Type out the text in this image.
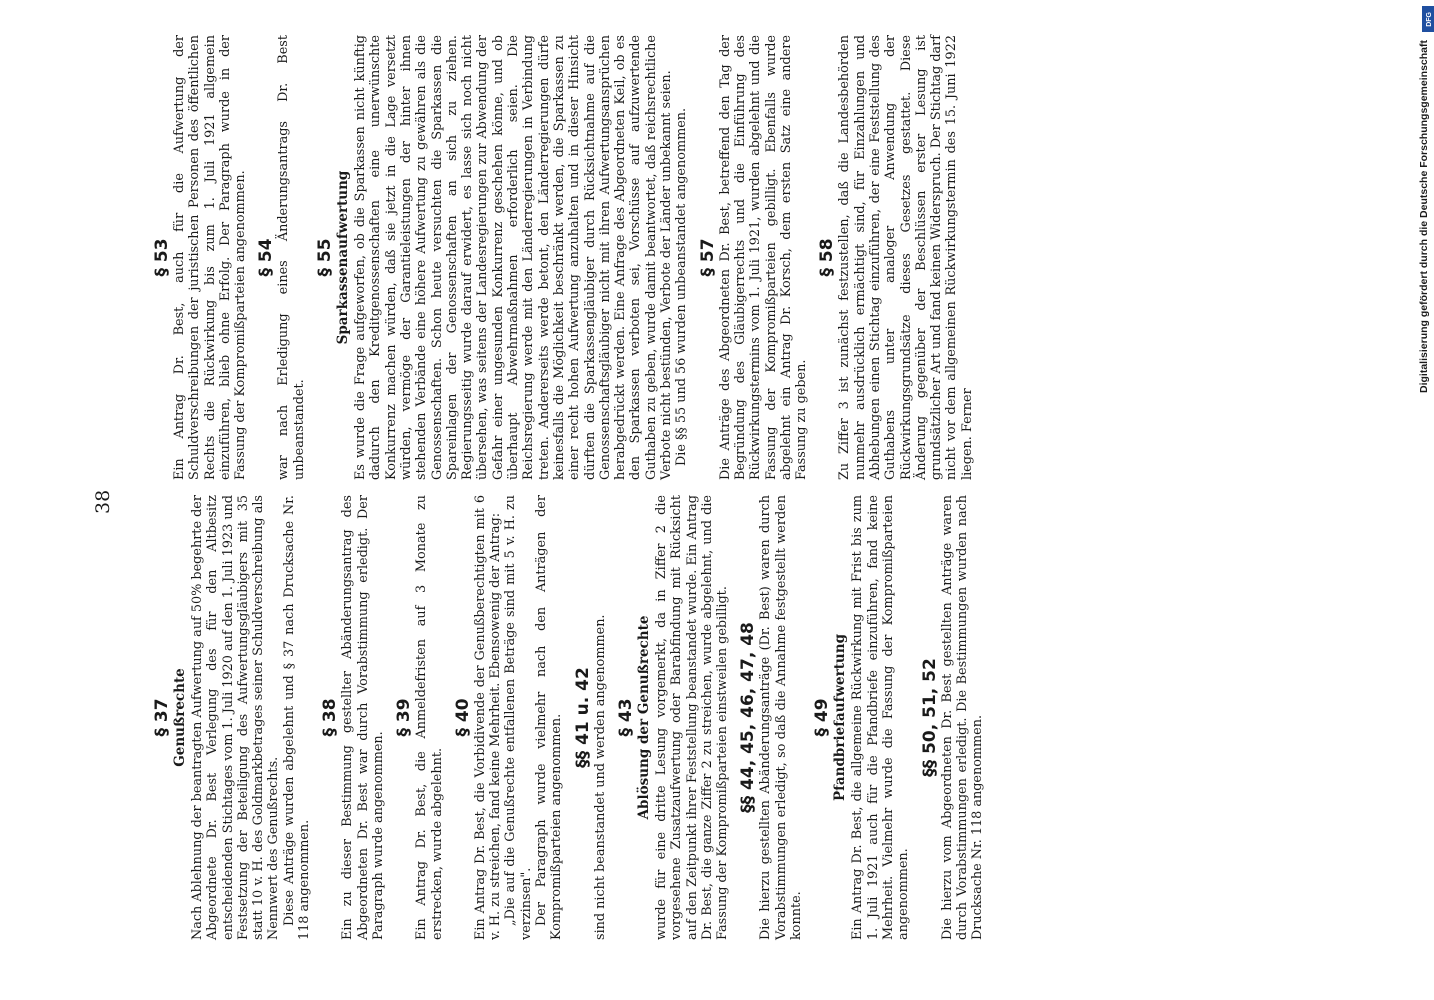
38
§ 37 Genußrechte Nach Ablehnung der beantragten Aufwertung auf 50% begehrte der Abgeordnete Dr. Best Verlegung des für den Altbesitz entscheidenden Stichtages vom 1. Juli 1920 auf den 1. Juli 1923 und Festsetzung der Beteiligung des Aufwertungsgläubigers mit 35 statt 10 v. H. des Goldmarkbetrages seiner Schuldverschreibung als Nennwert des Genußrechts. Diese Anträge wurden abgelehnt und § 37 nach Drucksache Nr. 118 angenommen.

§ 38 Ein zu dieser Bestimmung gestellter Abänderungsantrag des Abgeordneten Dr. Best war durch Vorabstimmung erledigt. Der Paragraph wurde angenommen.

§ 39 Ein Antrag Dr. Best, die Anmeldefristen auf 3 Monate zu erstrecken, wurde abgelehnt.

§ 40 Ein Antrag Dr. Best, die Vorbidivende der Genußberechtigten mit 6 v. H. zu streichen, fand keine Mehrheit. Ebensowenig der Antrag: „Die auf die Genußrechte entfallenen Beträge sind mit 5 v. H. zu verzinsen". Der Paragraph wurde vielmehr nach den Anträgen der Kompromißparteien angenommen. §§ 41 u. 42 sind nicht beanstandet und werden angenommen. § 43 Ablösung der Genußrechte wurde für eine dritte Lesung vorgemerkt, da in Ziffer 2 die vorgesehene Zusatzaufwertung oder Barabfindung mit Rücksicht auf den Zeitpunkt ihrer Feststellung beanstandet wurde. Ein Antrag Dr. Best, die ganze Ziffer 2 zu streichen, wurde abgelehnt, und die Fassung der Kompromißparteien einstweilen gebilligt. §§ 44, 45, 46, 47, 48 Die hierzu gestellten Abänderungsanträge (Dr. Best) waren durch Vorabstimmungen erledigt, so daß die Annahme festgestellt werden konnte.

§ 49 Pfandbriefaufwertung Ein Antrag Dr. Best, die allgemeine Rückwirkung mit Frist bis zum 1. Juli 1921 auch für die Pfandbriefe einzuführen, fand keine Mehrheit. Vielmehr wurde die Fassung der Kompromißparteien angenommen.

§§ 50, 51, 52 Die hierzu vom Abgeordneten Dr. Best gestellten Anträge waren durch Vorabstimmungen erledigt. Die Bestimmungen wurden nach Drucksache Nr. 118 angenommen.

§ 53 Ein Antrag Dr. Best, auch für die Aufwertung der Schuldverschreibungen der juristischen Personen des öffentlichen Rechts die Rückwirkung bis zum 1. Juli 1921 allgemein einzuführen, blieb ohne Erfolg. Der Paragraph wurde in der Fassung der Kompromißparteien angenommen. § 54 war nach Erledigung eines Änderungsantrags Dr. Best unbeanstandet.

§ 55 Sparkassenaufwertung Es wurde die Frage aufgeworfen, ob die Sparkassen nicht künftig dadurch den Kreditgenossenschaften eine unerwünschte Konkurrenz machen würden, daß sie jetzt in die Lage versetzt würden, vermöge der Garantieleistungen der hinter ihnen stehenden Verbände eine höhere Aufwertung zu gewähren als die Genossenschaften. Schon heute versuchten die Sparkassen die Spareinlagen der Genossenschaften an sich zu ziehen. Regierungsseitig wurde darauf erwidert, es lasse sich noch nicht übersehen, was seitens der Landesregierungen zur Abwendung der Gefahr einer ungesunden Konkurrenz geschehen könne, und ob überhaupt Abwehrmaßnahmen erforderlich seien. Die Reichsregierung werde mit den Länderregierungen in Verbindung treten. Andererseits werde betont, den Länderregierungen dürfe keinesfalls die Möglichkeit beschränkt werden, die Sparkassen zu einer recht hohen Aufwertung anzuhalten und in dieser Hinsicht dürften die Sparkassengläubiger durch Rücksichtnahme auf die Genossenschaftsgläubiger nicht mit ihren Aufwertungsansprüchen herabgedrückt werden. Eine Anfrage des Abgeordneten Keil, ob es den Sparkassen verboten sei, Vorschüsse auf aufzuwertende Guthaben zu geben, wurde damit beantwortet, daß reichsrechtliche Verbote nicht bestünden, Verbote der Länder unbekannt seien. Die §§ 55 und 56 wurden unbeanstandet angenommen. § 57 Die Anträge des Abgeordneten Dr. Best, betreffend den Tag der Begründung des Gläubigerrechts und die Einführung des Rückwirkungstermins vom 1. Juli 1921, wurden abgelehnt und die Fassung der Kompromißparteien gebilligt. Ebenfalls wurde abgelehnt ein Antrag Dr. Korsch, dem ersten Satz eine andere Fassung zu geben.

§ 58 Zu Ziffer 3 ist zunächst festzustellen, daß die Landesbehörden nunmehr ausdrücklich ermächtigt sind, für Einzahlungen und Abhebungen einen Stichtag einzuführen, der eine Feststellung des Guthabens unter analoger Anwendung der Rückwirkungsgrundsätze dieses Gesetzes gestattet. Diese Änderung gegenüber der Beschlüssen erster Lesung ist grundsätzlicher Art und fand keinen Widerspruch. Der Stichtag darf nicht vor dem allgemeinen Rückwirkungstermin des 15. Juni 1922 liegen. Ferner

DFG
Digitalisierung gefördert durch die Deutsche Forschungsgemeinschaft
